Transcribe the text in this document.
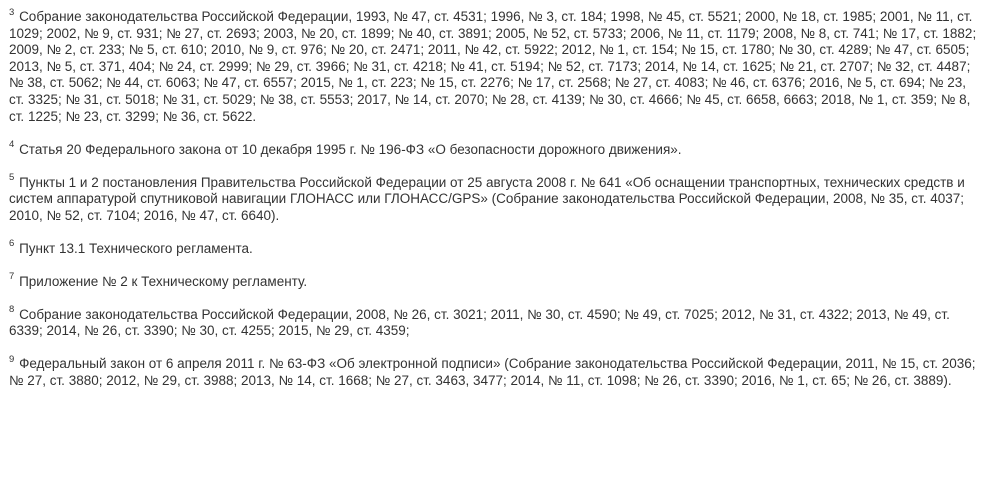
$^3$ Собрание законодательства Российской Федерации, 1993, № 47, ст. 4531; 1996, № 3, ст. 184; 1998, № 45, ст. 5521; 2000, № 18, ст. 1985; 2001, № 11, ст. 1029; 2002, № 9, ст. 931; № 27, ст. 2693; 2003, № 20, ст. 1899; № 40, ст. 3891; 2005, № 52, ст. 5733; 2006, № 11, ст. 1179; 2008, № 8, ст. 741; № 17, ст. 1882; 2009, № 2, ст. 233; № 5, ст. 610; 2010, № 9, ст. 976; № 20, ст. 2471; 2011, № 42, ст. 5922; 2012, № 1, ст. 154; № 15, ст. 1780; № 30, ст. 4289; № 47, ст. 6505; 2013, № 5, ст. 371, 404; № 24, ст. 2999; № 29, ст. 3966; № 31, ст. 4218; № 41, ст. 5194; № 52, ст. 7173; 2014, № 14, ст. 1625; № 21, ст. 2707; № 32, ст. 4487; № 38, ст. 5062; № 44, ст. 6063; № 47, ст. 6557; 2015, № 1, ст. 223; № 15, ст. 2276; № 17, ст. 2568; № 27, ст. 4083; № 46, ст. 6376; 2016, № 5, ст. 694; № 23, ст. 3325; № 31, ст. 5018; № 31, ст. 5029; № 38, ст. 5553; 2017, № 14, ст. 2070; № 28, ст. 4139; № 30, ст. 4666; № 45, ст. 6658, 6663; 2018, № 1, ст. 359; № 8, ст. 1225; № 23, ст. 3299; № 36, ст. 5622.

$^4$ Статья 20 Федерального закона от 10 декабря 1995 г. № 196-ФЗ «О безопасности дорожного движения».

$^5$ Пункты 1 и 2 постановления Правительства Российской Федерации от 25 августа 2008 г. № 641 «Об оснащении транспортных, технических средств и систем аппаратурой спутниковой навигации ГЛОНАСС или ГЛОНАСС/GPS» (Собрание законодательства Российской Федерации, 2008, № 35, ст. 4037; 2010, № 52, ст. 7104; 2016, № 47, ст. 6640).

$^6$ Пункт 13.1 Технического регламента.

$^7$ Приложение № 2 к Техническому регламенту.

$^8$ Собрание законодательства Российской Федерации, 2008, № 26, ст. 3021; 2011, № 30, ст. 4590; № 49, ст. 7025; 2012, № 31, ст. 4322; 2013, № 49, ст. 6339; 2014, № 26, ст. 3390; № 30, ст. 4255; 2015, № 29, ст. 4359;

$^9$ Федеральный закон от 6 апреля 2011 г. № 63-ФЗ «Об электронной подписи» (Собрание законодательства Российской Федерации, 2011, № 15, ст. 2036; № 27, ст. 3880; 2012, № 29, ст. 3988; 2013, № 14, ст. 1668; № 27, ст. 3463, 3477; 2014, № 11, ст. 1098; № 26, ст. 3390; 2016, № 1, ст. 65; № 26, ст. 3889).
